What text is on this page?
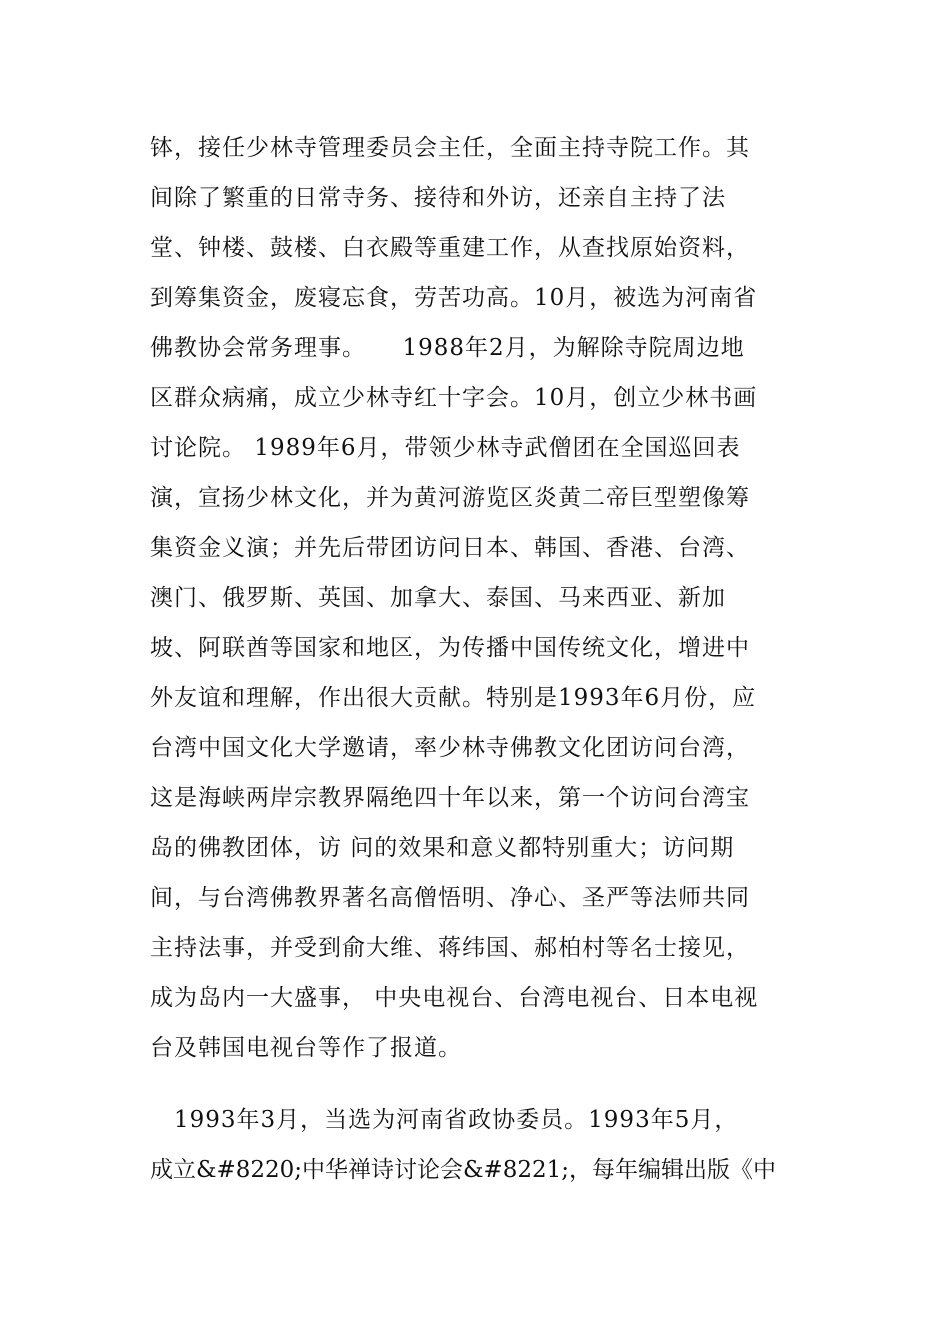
钵，接任少林寺管理委员会主任，全面主持寺院工作。其
间除了繁重的日常寺务、接待和外访，还亲自主持了法
堂、钟楼、鼓楼、白衣殿等重建工作，从查找原始资料，
到筹集资金，废寝忘食，劳苦功高。10月，被选为河南省
佛教协会常务理事。　　1988年2月，为解除寺院周边地
区群众病痛，成立少林寺红十字会。10月，创立少林书画
讨论院。 1989年6月，带领少林寺武僧团在全国巡回表
演，宣扬少林文化，并为黄河游览区炎黄二帝巨型塑像筹
集资金义演；并先后带团访问日本、韩国、香港、台湾、
澳门、俄罗斯、英国、加拿大、泰国、马来西亚、新加
坡、阿联酋等国家和地区，为传播中国传统文化，增进中
外友谊和理解，作出很大贡献。特别是1993年6月份，应
台湾中国文化大学邀请，率少林寺佛教文化团访问台湾，
这是海峡两岸宗教界隔绝四十年以来，第一个访问台湾宝
岛的佛教团体，访 问的效果和意义都特别重大；访问期
间，与台湾佛教界著名高僧悟明、净心、圣严等法师共同
主持法事，并受到俞大维、蒋纬国、郝柏村等名士接见，
成为岛内一大盛事， 中央电视台、台湾电视台、日本电视
台及韩国电视台等作了报道。
　1993年3月，当选为河南省政协委员。1993年5月，
成立&#8220;中华禅诗讨论会&#8221;，每年编辑出版《中
